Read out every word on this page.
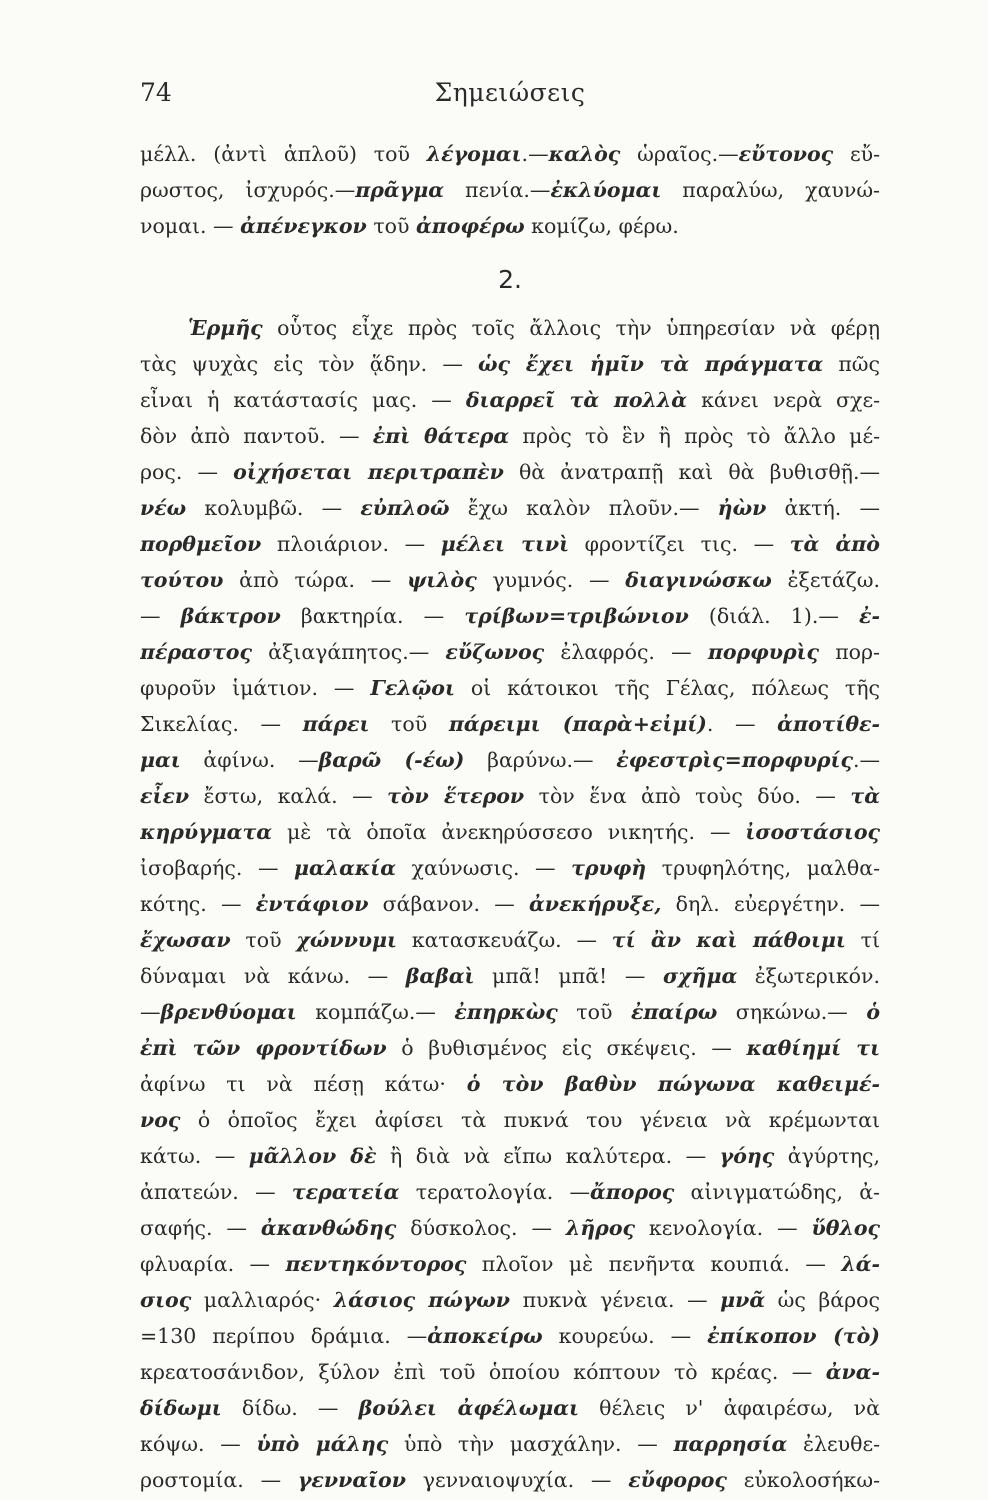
74	Σημειώσεις
μέλλ. (ἀντὶ ἁπλοῦ) τοῦ λέγομαι.—καλὸς ὡραῖος.—εὔτονος εὔ-
ρωστος, ἰσχυρός.—πρᾶγμα πενία.—ἐκλύομαι παραλύω, χαυνώ-
νομαι. — ἀπένεγκον τοῦ ἀποφέρω κομίζω, φέρω.
2.
Ἑρμῆς οὗτος εἶχε πρὸς τοῖς ἄλλοις τὴν ὑπηρεσίαν νὰ φέρῃ
τὰς ψυχὰς εἰς τὸν ᾅδην. — ὡς ἔχει ἡμῖν τὰ πράγματα πῶς
εἶναι ἡ κατάστασίς μας. — διαρρεῖ τὰ πολλὰ κάνει νερὰ σχε-
δὸν ἀπὸ παντοῦ. — ἐπὶ θάτερα πρὸς τὸ ἓν ἢ πρὸς τὸ ἄλλο μέ-
ρος. — οἰχήσεται περιτραπὲν θὰ ἀνατραπῇ καὶ θὰ βυθισθῇ.—
νέω κολυμβῶ. — εὐπλοῶ ἔχω καλὸν πλοῦν.— ἠὼν ἀκτή. —
πορθμεῖον πλοιάριον. — μέλει τινὶ φροντίζει τις. — τὰ ἀπὸ
τούτου ἀπὸ τώρα. — ψιλὸς γυμνός. — διαγινώσκω ἐξετάζω.
— βάκτρον βακτηρία. — τρίβων=τριβώνιον (διάλ. 1).— ἐ-
πέραστος ἀξιαγάπητος.— εὔζωνος ἐλαφρός. — πορφυρὶς πορ-
φυροῦν ἱμάτιον. — Γελῷοι οἱ κάτοικοι τῆς Γέλας, πόλεως τῆς
Σικελίας. — πάρει τοῦ πάρειμι (παρὰ+εἰμί). — ἀποτίθε-
μαι ἀφίνω. —βαρῶ (-έω) βαρύνω.— ἐφεστρὶς=πορφυρίς.—
εἶεν ἔστω, καλά. — τὸν ἕτερον τὸν ἕνα ἀπὸ τοὺς δύο. — τὰ
κηρύγματα μὲ τὰ ὁποῖα ἀνεκηρύσσεσο νικητής. — ἰσοστάσιος
ἰσοβαρής. — μαλακία χαύνωσις. — τρυφὴ τρυφηλότης, μαλθα-
κότης. — ἐντάφιον σάβανον. — ἀνεκήρυξε, δηλ. εὐεργέτην. —
ἔχωσαν τοῦ χώννυμι κατασκευάζω. — τί ἂν καὶ πάθοιμι τί
δύναμαι νὰ κάνω. — βαβαὶ μπᾶ! μπᾶ! — σχῆμα ἐξωτερικόν.
—βρενθύομαι κομπάζω.— ἐπηρκὼς τοῦ ἐπαίρω σηκώνω.— ὁ
ἐπὶ τῶν φροντίδων ὁ βυθισμένος εἰς σκέψεις. — καθίημί τι
ἀφίνω τι νὰ πέσῃ κάτω· ὁ τὸν βαθὺν πώγωνα καθειμέ-
νος ὁ ὁποῖος ἔχει ἀφίσει τὰ πυκνά του γένεια νὰ κρέμωνται
κάτω. — μᾶλλον δὲ ἢ διὰ νὰ εἴπω καλύτερα. — γόης ἀγύρτης,
ἀπατεών. — τερατεία τερατολογία. —ἄπορος αἰνιγματώδης, ἀ-
σαφής. — ἀκανθώδης δύσκολος. — λῆρος κενολογία. — ὕθλος
φλυαρία. — πεντηκόντορος πλοῖον μὲ πενῆντα κουπιά. — λά-
σιος μαλλιαρός· λάσιος πώγων πυκνὰ γένεια. — μνᾶ ὡς βάρος
=130 περίπου δράμια. —ἀποκείρω κουρεύω. — ἐπίκοπον (τὸ)
κρεατοσάνιδον, ξύλον ἐπὶ τοῦ ὁποίου κόπτουν τὸ κρέας. — ἀνα-
δίδωμι δίδω. — βούλει ἀφέλωμαι θέλεις ν' ἀφαιρέσω, νὰ
κόψω. — ὑπὸ μάλης ὑπὸ τὴν μασχάλην. — παρρησία ἐλευθε-
ροστομία. — γενναῖον γενναιοψυχία. — εὔφορος εὐκολοσήκω-
